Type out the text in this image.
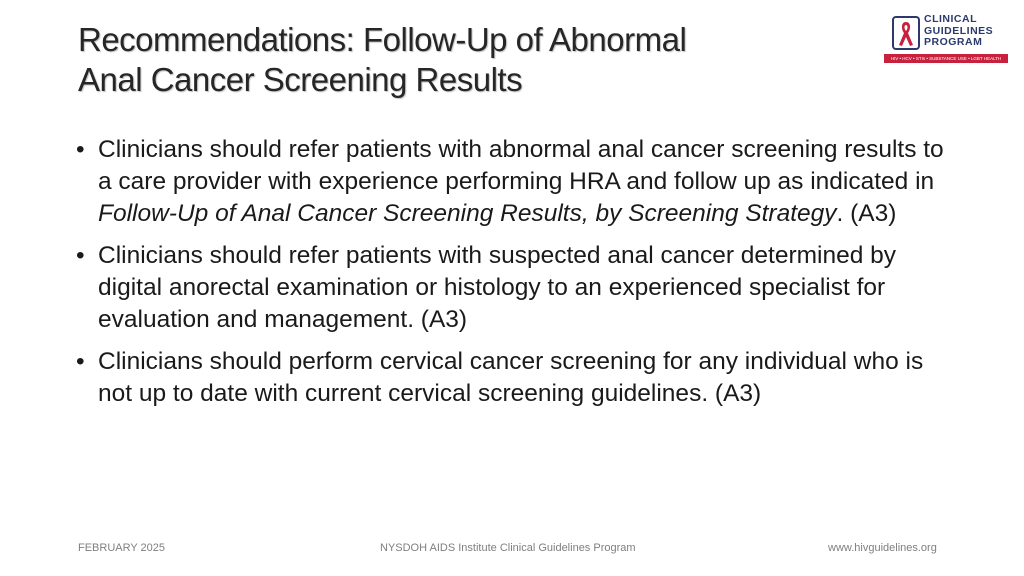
Recommendations: Follow-Up of Abnormal
Anal Cancer Screening Results
CLINICAL
GUIDELINES
PROGRAM
HIV • HCV • STIs • SUBSTANCE USE • LGBT HEALTH
• Clinicians should refer patients with abnormal anal cancer screening results to a care provider with experience performing HRA and follow up as indicated in Follow-Up of Anal Cancer Screening Results, by Screening Strategy. (A3)
• Clinicians should refer patients with suspected anal cancer determined by digital anorectal examination or histology to an experienced specialist for evaluation and management. (A3)
• Clinicians should perform cervical cancer screening for any individual who is not up to date with current cervical screening guidelines. (A3)
FEBRUARY 2025	NYSDOH AIDS Institute Clinical Guidelines Program	www.hivguidelines.org
